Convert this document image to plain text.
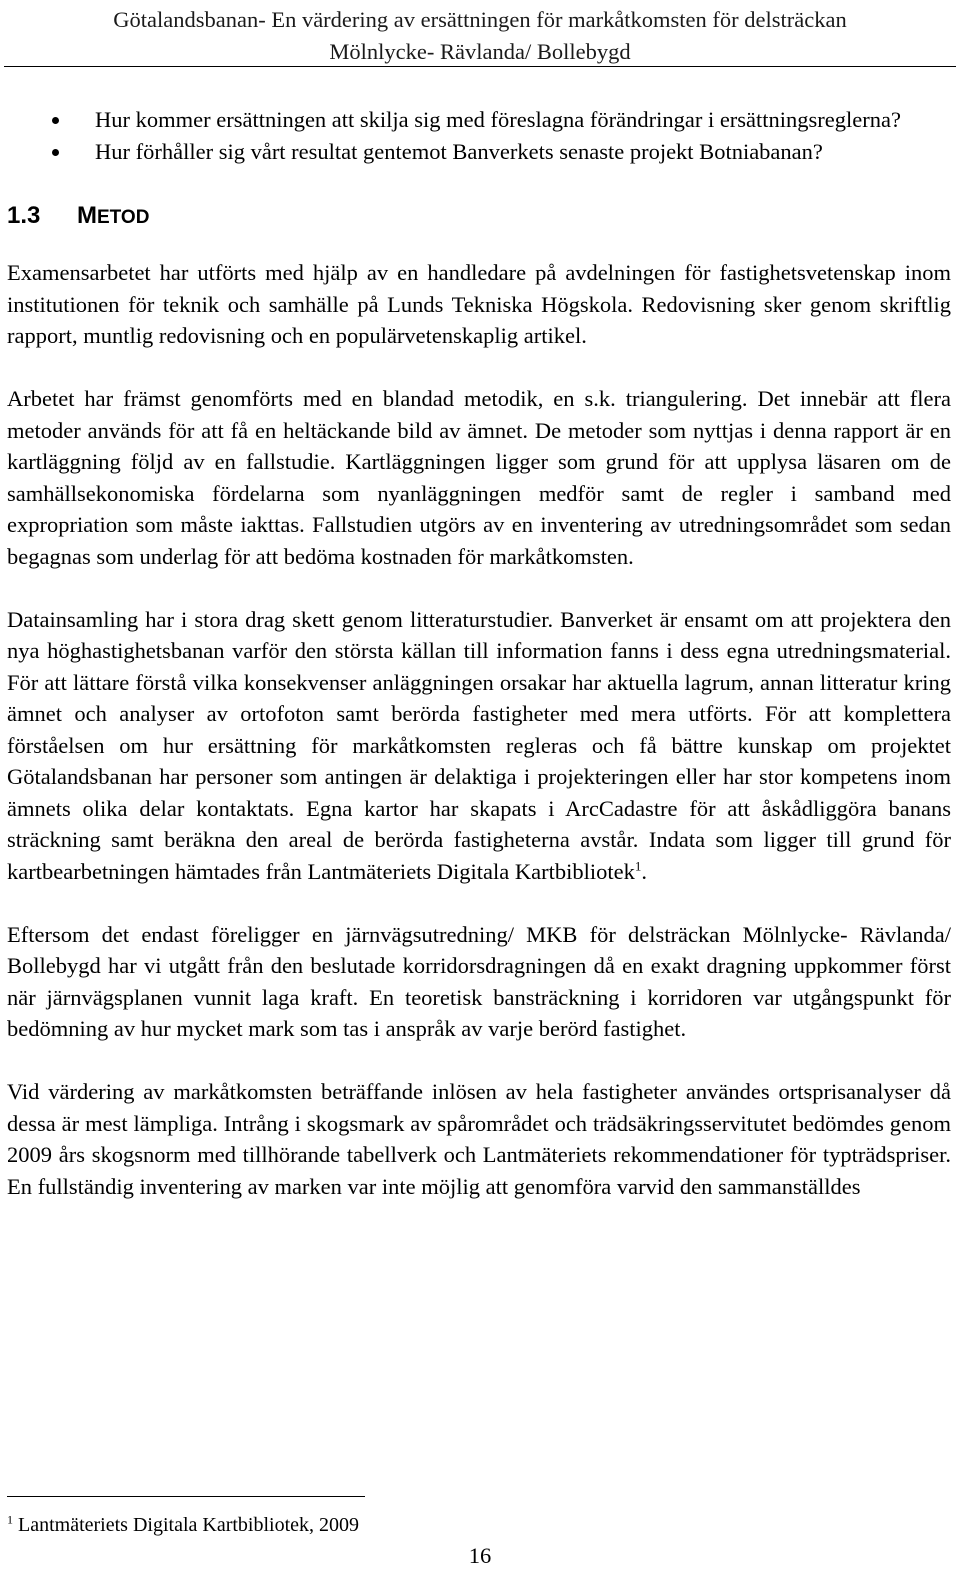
Götalandsbanan- En värdering av ersättningen för markåtkomsten för delsträckan
Mölnlycke- Rävlanda/ Bollebygd
Hur kommer ersättningen att skilja sig med föreslagna förändringar i ersättningsreglerna?
Hur förhåller sig vårt resultat gentemot Banverkets senaste projekt Botniabanan?
1.3 METOD

Examensarbetet har utförts med hjälp av en handledare på avdelningen för fastighetsvetenskap inom institutionen för teknik och samhälle på Lunds Tekniska Högskola. Redovisning sker genom skriftlig rapport, muntlig redovisning och en populärvetenskaplig artikel.

Arbetet har främst genomförts med en blandad metodik, en s.k. triangulering. Det innebär att flera metoder används för att få en heltäckande bild av ämnet. De metoder som nyttjas i denna rapport är en kartläggning följd av en fallstudie. Kartläggningen ligger som grund för att upplysa läsaren om de samhällsekonomiska fördelarna som nyanläggningen medför samt de regler i samband med expropriation som måste iakttas. Fallstudien utgörs av en inventering av utredningsområdet som sedan begagnas som underlag för att bedöma kostnaden för markåtkomsten.

Datainsamling har i stora drag skett genom litteraturstudier. Banverket är ensamt om att projektera den nya höghastighetsbanan varför den största källan till information fanns i dess egna utredningsmaterial. För att lättare förstå vilka konsekvenser anläggningen orsakar har aktuella lagrum, annan litteratur kring ämnet och analyser av ortofoton samt berörda fastigheter med mera utförts. För att komplettera förståelsen om hur ersättning för markåtkomsten regleras och få bättre kunskap om projektet Götalandsbanan har personer som antingen är delaktiga i projekteringen eller har stor kompetens inom ämnets olika delar kontaktats. Egna kartor har skapats i ArcCadastre för att åskådliggöra banans sträckning samt beräkna den areal de berörda fastigheterna avstår. Indata som ligger till grund för kartbearbetningen hämtades från Lantmäteriets Digitala Kartbibliotek$^1$.

Eftersom det endast föreligger en järnvägsutredning/ MKB för delsträckan Mölnlycke- Rävlanda/ Bollebygd har vi utgått från den beslutade korridorsdragningen då en exakt dragning uppkommer först när järnvägsplanen vunnit laga kraft. En teoretisk bansträckning i korridoren var utgångspunkt för bedömning av hur mycket mark som tas i anspråk av varje berörd fastighet.

Vid värdering av markåtkomsten beträffande inlösen av hela fastigheter användes ortsprisanalyser då dessa är mest lämpliga. Intrång i skogsmark av spårområdet och trädsäkringsservitutet bedömdes genom 2009 års skogsnorm med tillhörande tabellverk och Lantmäteriets rekommendationer för typträdspriser. En fullständig inventering av marken var inte möjlig att genomföra varvid den sammanställdes

$^1$ Lantmäteriets Digitala Kartbibliotek, 2009
16
